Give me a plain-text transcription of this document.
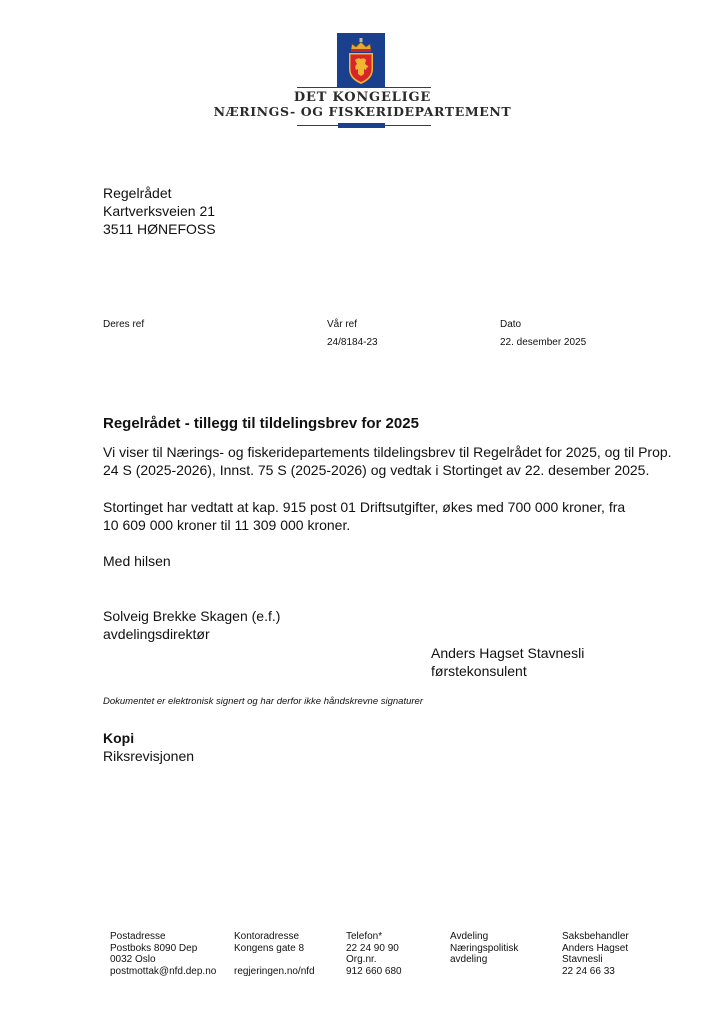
DET KONGELIGE
NÆRINGS- OG FISKERIDEPARTEMENT
Regelrådet
Kartverksveien 21
3511 HØNEFOSS
Deres ref	Vår ref
24/8184-23
Dato
22. desember 2025
Regelrådet - tillegg til tildelingsbrev for 2025
Vi viser til Nærings- og fiskeridepartements tildelingsbrev til Regelrådet for 2025, og til Prop.
24 S (2025-2026), Innst. 75 S (2025-2026) og vedtak i Stortinget av 22. desember 2025.
Stortinget har vedtatt at kap. 915 post 01 Driftsutgifter, økes med 700 000 kroner, fra
10 609 000 kroner til 11 309 000 kroner.
Med hilsen
Solveig Brekke Skagen (e.f.)
avdelingsdirektør
Anders Hagset Stavnesli
førstekonsulent
Dokumentet er elektronisk signert og har derfor ikke håndskrevne signaturer
Kopi
Riksrevisjonen
Postadresse
Postboks 8090 Dep
0032 Oslo
postmottak@nfd.dep.no
Kontoradresse
Kongens gate 8
regjeringen.no/nfd
Telefon*
22 24 90 90
Org.nr.
912 660 680
Avdeling
Næringspolitisk
avdeling
Saksbehandler
Anders Hagset
Stavnesli
22 24 66 33
